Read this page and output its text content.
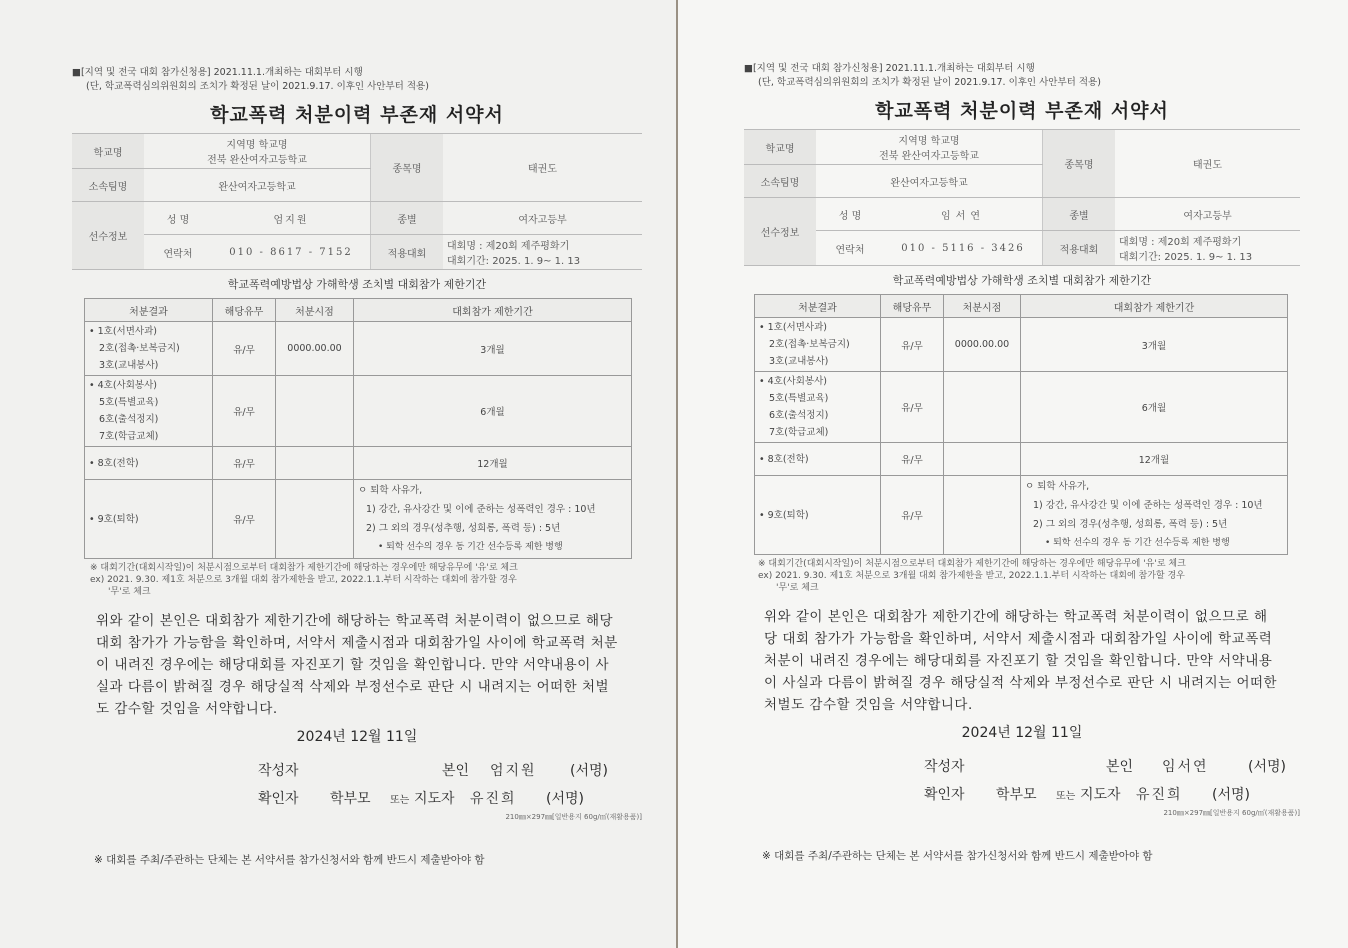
■[지역 및 전국 대회 참가신청용] 2021.11.1.개최하는 대회부터 시행
(단, 학교폭력심의위원회의 조치가 확정된 날이 2021.9.17. 이후인 사안부터 적용)
학교폭력 처분이력 부존재 서약서
학교명	지역명 학교명
전북 완산여자고등학교		종목명	태권도
소속팀명	완산여자고등학교			
선수정보	성 명	엄지원	종별	여자고등부
	연락처	010 - 8617 - 7152	적용대회	대회명 : 제20회 제주평화기
대회기간: 2025. 1. 9~ 1. 13
학교폭력예방법상 가해학생 조치별 대회참가 제한기간
처분결과	해당유무	처분시점	대회참가 제한기간

• 1호(서면사과)
2호(접촉·보복금지)
3호(교내봉사)	유/무	0000.00.00	3개월

• 4호(사회봉사)
5호(특별교육)
6호(출석정지)
7호(학급교체)	유/무		6개월
• 8호(전학)	유/무		12개월
• 9호(퇴학)	유/무		ㅇ 퇴학 사유가,
1) 강간, 유사강간 및 이에 준하는 성폭력인 경우 : 10년
2) 그 외의 경우(성추행, 성희롱, 폭력 등) : 5년
• 퇴학 선수의 경우 동 기간 선수등록 제한 병행
※ 대회기간(대회시작일)이 처분시점으로부터 대회참가 제한기간에 해당하는 경우에만 해당유무에 '유'로 체크
ex) 2021. 9.30. 제1호 처분으로 3개월 대회 참가제한을 받고, 2022.1.1.부터 시작하는 대회에 참가할 경우
'무'로 체크
위와 같이 본인은 대회참가 제한기간에 해당하는 학교폭력 처분이력이 없으므로 해당 대회 참가가 가능함을 확인하며, 서약서 제출시점과 대회참가일 사이에 학교폭력 처분이 내려진 경우에는 해당대회를 자진포기 할 것임을 확인합니다. 만약 서약내용이 사실과 다름이 밝혀질 경우 해당실적 삭제와 부정선수로 판단 시 내려지는 어떠한 처벌도 감수할 것임을 서약합니다.
2024년 12월 11일
작성자	본인	엄지원	(서명)
확인자	학부모	또는 지도자	유진희	(서명)
210㎜×297㎜[일반용지 60g/㎡(재활용품)]
※ 대회를 주최/주관하는 단체는 본 서약서를 참가신청서와 함께 반드시 제출받아야 함
■[지역 및 전국 대회 참가신청용] 2021.11.1.개최하는 대회부터 시행
(단, 학교폭력심의위원회의 조치가 확정된 날이 2021.9.17. 이후인 사안부터 적용)
학교폭력 처분이력 부존재 서약서
학교명	지역명 학교명
전북 완산여자고등학교		종목명	태권도
소속팀명	완산여자고등학교			
선수정보	성 명	임서연	종별	여자고등부
	연락처	010 - 5116 - 3426	적용대회	대회명 : 제20회 제주평화기
대회기간: 2025. 1. 9~ 1. 13
학교폭력예방법상 가해학생 조치별 대회참가 제한기간
처분결과	해당유무	처분시점	대회참가 제한기간

• 1호(서면사과)
2호(접촉·보복금지)
3호(교내봉사)	유/무	0000.00.00	3개월

• 4호(사회봉사)
5호(특별교육)
6호(출석정지)
7호(학급교체)	유/무		6개월
• 8호(전학)	유/무		12개월
• 9호(퇴학)	유/무		ㅇ 퇴학 사유가,
1) 강간, 유사강간 및 이에 준하는 성폭력인 경우 : 10년
2) 그 외의 경우(성추행, 성희롱, 폭력 등) : 5년
• 퇴학 선수의 경우 동 기간 선수등록 제한 병행
※ 대회기간(대회시작일)이 처분시점으로부터 대회참가 제한기간에 해당하는 경우에만 해당유무에 '유'로 체크
ex) 2021. 9.30. 제1호 처분으로 3개월 대회 참가제한을 받고, 2022.1.1.부터 시작하는 대회에 참가할 경우
'무'로 체크
위와 같이 본인은 대회참가 제한기간에 해당하는 학교폭력 처분이력이 없으므로 해당 대회 참가가 가능함을 확인하며, 서약서 제출시점과 대회참가일 사이에 학교폭력 처분이 내려진 경우에는 해당대회를 자진포기 할 것임을 확인합니다. 만약 서약내용이 사실과 다름이 밝혀질 경우 해당실적 삭제와 부정선수로 판단 시 내려지는 어떠한 처벌도 감수할 것임을 서약합니다.
2024년 12월 11일
작성자	본인	임서연	(서명)
확인자	학부모	또는 지도자	유진희	(서명)
210㎜×297㎜[일반용지 60g/㎡(재활용품)]
※ 대회를 주최/주관하는 단체는 본 서약서를 참가신청서와 함께 반드시 제출받아야 함
